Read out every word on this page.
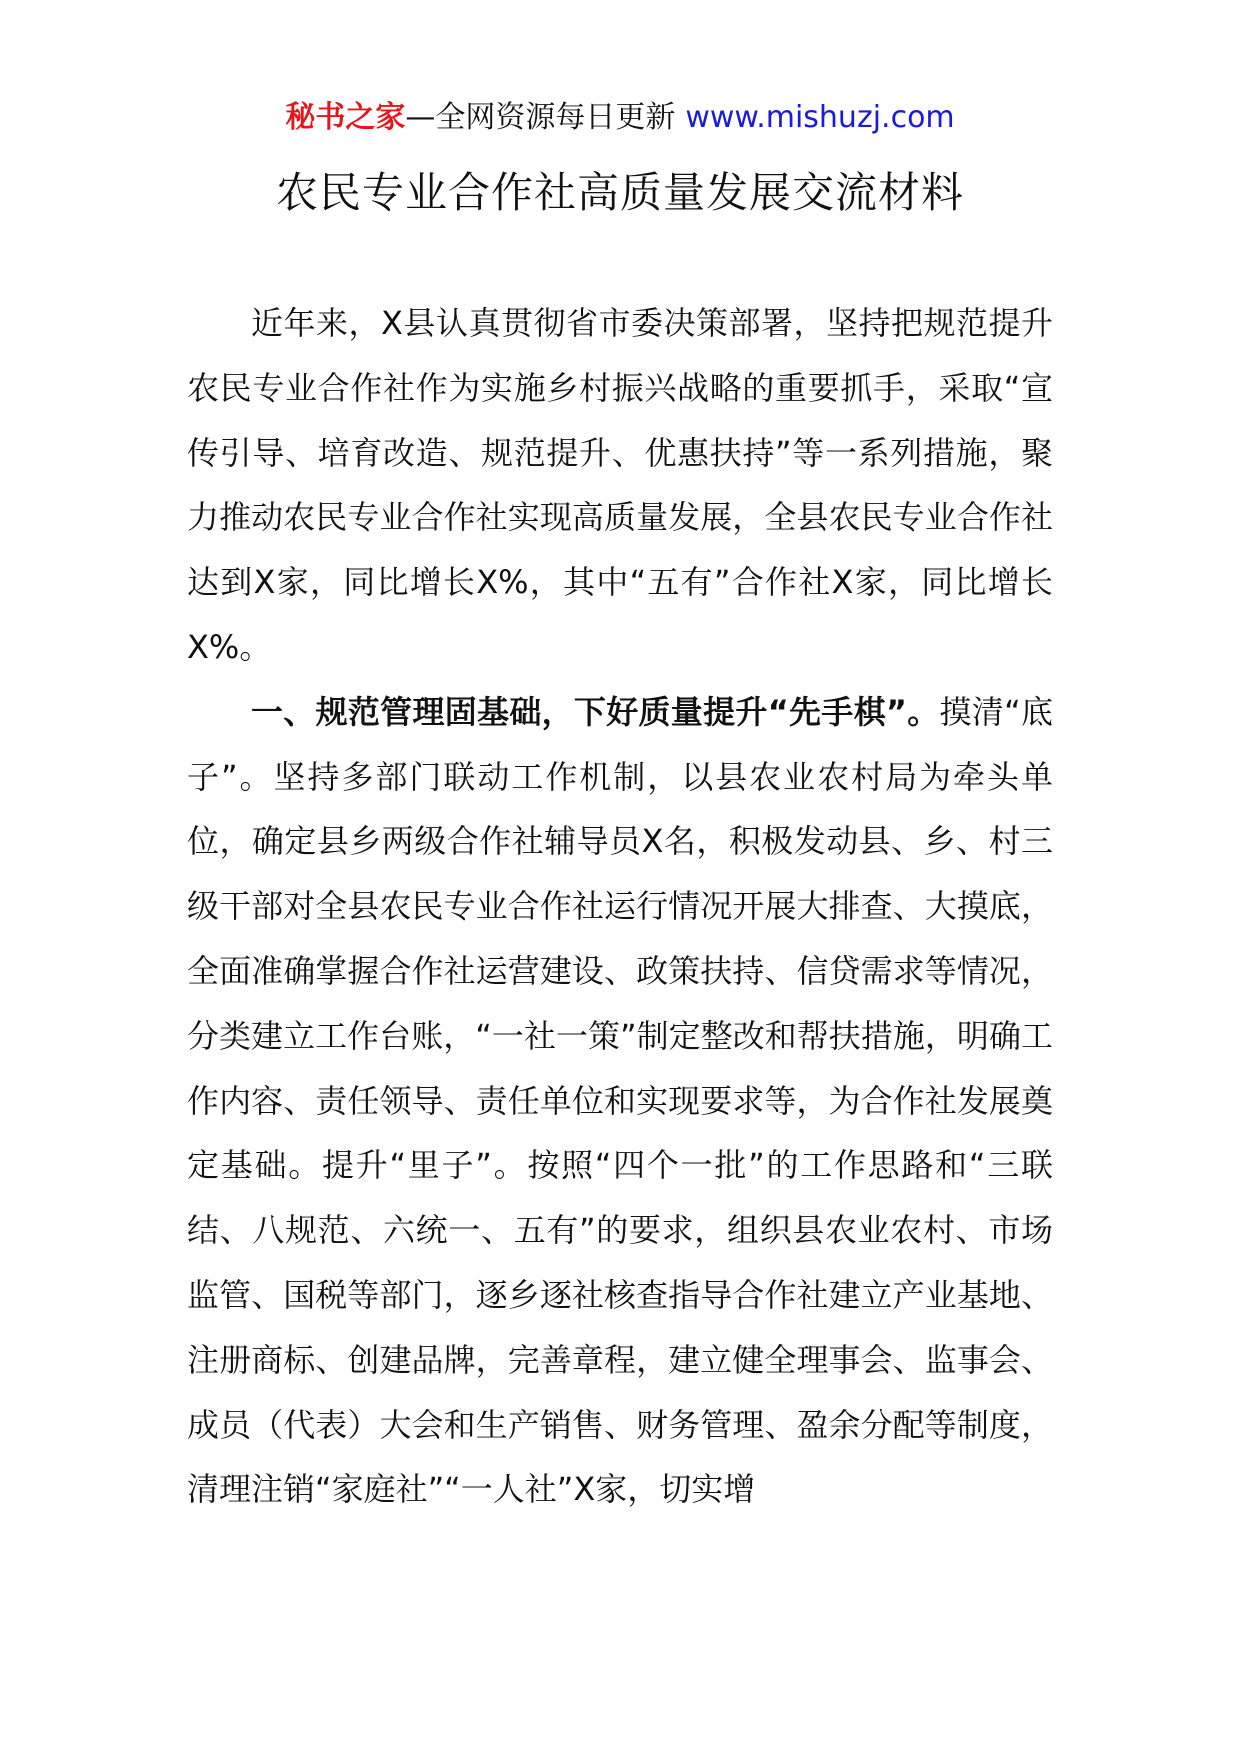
秘书之家—全网资源每日更新 www.mishuzj.com
农民专业合作社高质量发展交流材料

近年来，X县认真贯彻省市委决策部署，坚持把规范提升农民专业合作社作为实施乡村振兴战略的重要抓手，采取“宣传引导、培育改造、规范提升、优惠扶持”等一系列措施，聚力推动农民专业合作社实现高质量发展，全县农民专业合作社达到X家，同比增长X%，其中“五有”合作社X家，同比增长X%。

一、规范管理固基础，下好质量提升“先手棋”。摸清“底子”。坚持多部门联动工作机制，以县农业农村局为牵头单位，确定县乡两级合作社辅导员X名，积极发动县、乡、村三级干部对全县农民专业合作社运行情况开展大排查、大摸底，全面准确掌握合作社运营建设、政策扶持、信贷需求等情况，分类建立工作台账，“一社一策”制定整改和帮扶措施，明确工作内容、责任领导、责任单位和实现要求等，为合作社发展奠定基础。提升“里子”。按照“四个一批”的工作思路和“三联结、八规范、六统一、五有”的要求，组织县农业农村、市场监管、国税等部门，逐乡逐社核查指导合作社建立产业基地、注册商标、创建品牌，完善章程，建立健全理事会、监事会、成员（代表）大会和生产销售、财务管理、盈余分配等制度，清理注销“家庭社”“一人社”X家，切实增
